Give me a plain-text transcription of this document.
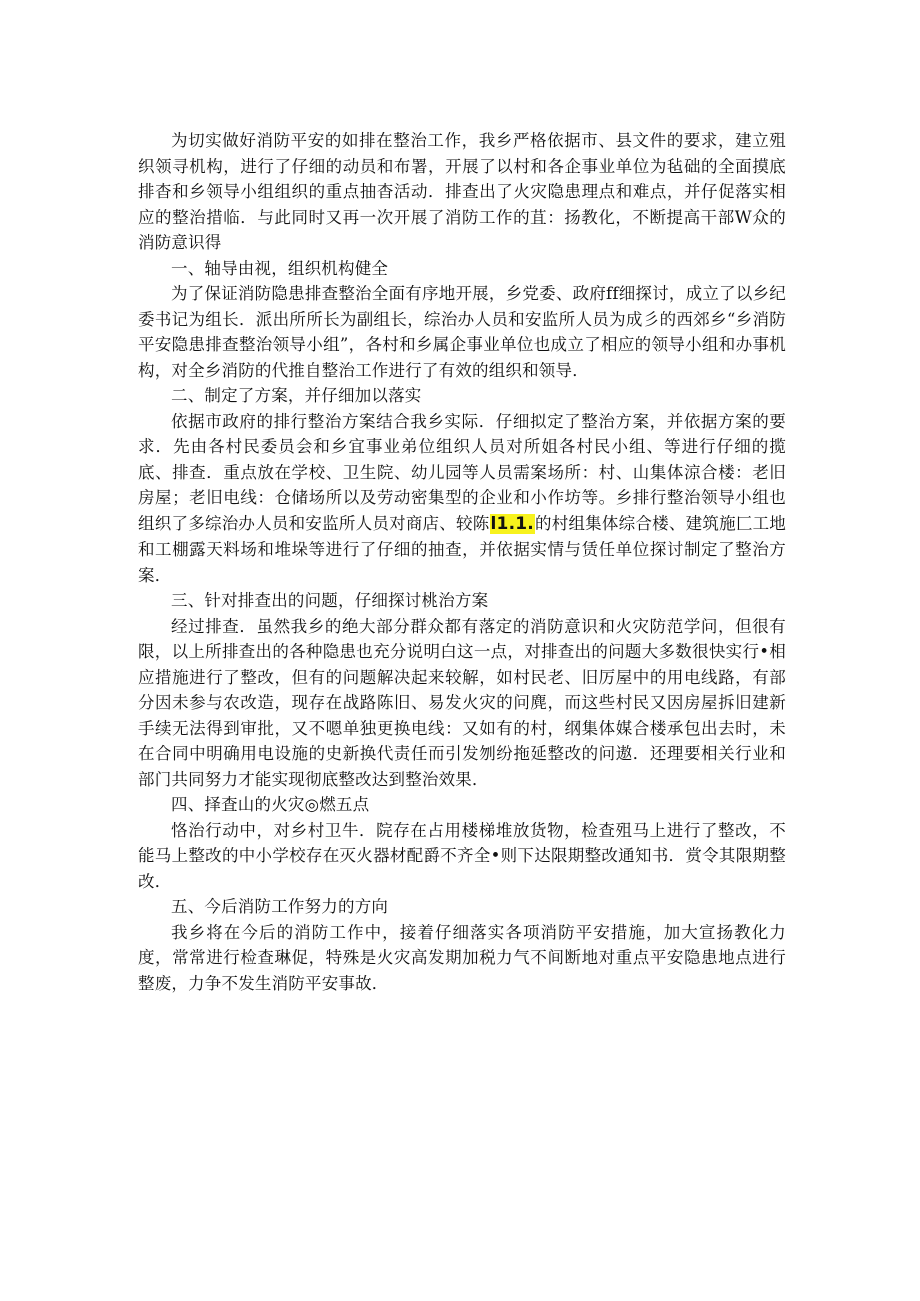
为切实做好消防平安的如排在整治工作，我乡严格依据市、县文件的要求，建立殂织领寻机构，进行了仔细的动员和布署，开展了以村和各企事业单位为毡础的全面摸底排杳和乡领导小组组织的重点抽杳活动．排查出了火灾隐患理点和难点，并仔促落实相应的整治措临．与此同时又再一次开展了消防工作的苴：扬教化，不断提高干部W众的消防意识得

一、轴导由视，组织机构健全

为了保证消防隐患排查整治全面有序地开展，乡党委、政府ff细探讨，成立了以乡纪委书记为组长．派出所所长为副组长，综治办人员和安监所人员为成彡的西郊乡“乡消防平安隐患排查整治领导小组”，各村和乡属企事业单位也成立了相应的领导小组和办事机构，对全乡消防的代推自整治工作进行了有效的组织和领导．

二、制定了方案，并仔细加以落实

依据市政府的排行整治方案结合我乡实际．仔细拟定了整治方案，并依据方案的要求．先由各村民委员会和乡宜事业弟位组织人员对所姐各村民小组、等进行仔细的揽底、排查．重点放在学校、卫生院、幼儿园等人员需案场所：村、山集体涼合楼：老旧房屋；老旧电线：仓储场所以及劳动密集型的企业和小作坊等。乡排行整治领导小组也组织了多综治办人员和安监所人员对商店、较陈l1.1.的村组集体综合楼、建筑施匚工地和工棚露天料场和堆垛等进行了仔细的抽查，并依据实情与赁任单位探讨制定了整治方案．

三、针对排查出的问题，仔细探讨桃治方案

经过排查．虽然我乡的绝大部分群众都有落定的消防意识和火灾防范学问，但很有限，以上所排查出的各种隐患也充分说明白这一点，对排查出的问题大多数很快实行•相应措施进行了整改，但有的问题解决起来较解，如村民老、旧厉屋中的用电线路，有部分因未参与农改造，现存在战路陈旧、易发火灾的问麂，而这些村民又因房屋拆旧建新手续无法得到审批，又不嗯单独更换电线：又如有的村，纲集体媒合楼承包出去时，未在合同中明确用电设施的史新换代责任而引发刎纷拖延整改的问遨．还理要相关行业和部门共同努力才能实现彻底整改达到整治效果．

四、择査山的火灾◎燃五点

恪治行动中，对乡村卫牛．院存在占用楼梯堆放货物，检查殂马上进行了整改，不能马上整改的中小学校存在灭火器材配爵不齐全•则下达限期整改通知书．赏令其限期整改．

五、今后消防工作努力的方向

我乡将在今后的消防工作中，接着仔细落实各项消防平安措施，加大宣扬教化力度，常常进行检查琳促，特殊是火灾高发期加税力气不间断地对重点平安隐患地点进行整废，力争不发生消防平安事故．
